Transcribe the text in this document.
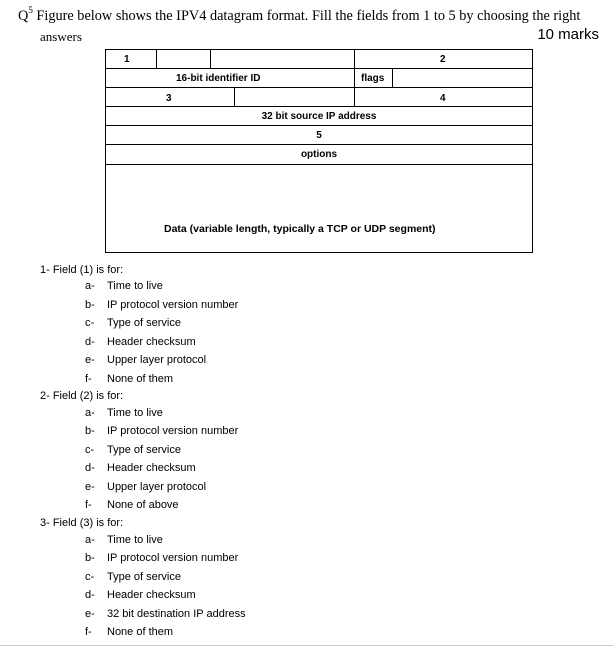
$Q^5$ Figure below shows the IPV4 datagram format. Fill the fields from 1 to 5 by choosing the right
answers	10 marks
1	2
16-bit identifier ID	flags
3	4
32 bit source IP address
5
options
Data (variable length, typically a TCP or UDP segment)
1- Field (1) is for:
a- Time to live
b- IP protocol version number
c- Type of service
d- Header checksum
e- Upper layer protocol
f- None of them
2- Field (2) is for:
a- Time to live
b- IP protocol version number
c- Type of service
d- Header checksum
e- Upper layer protocol
f- None of above
3- Field (3) is for:
a- Time to live
b- IP protocol version number
c- Type of service
d- Header checksum
e- 32 bit destination IP address
f- None of them
